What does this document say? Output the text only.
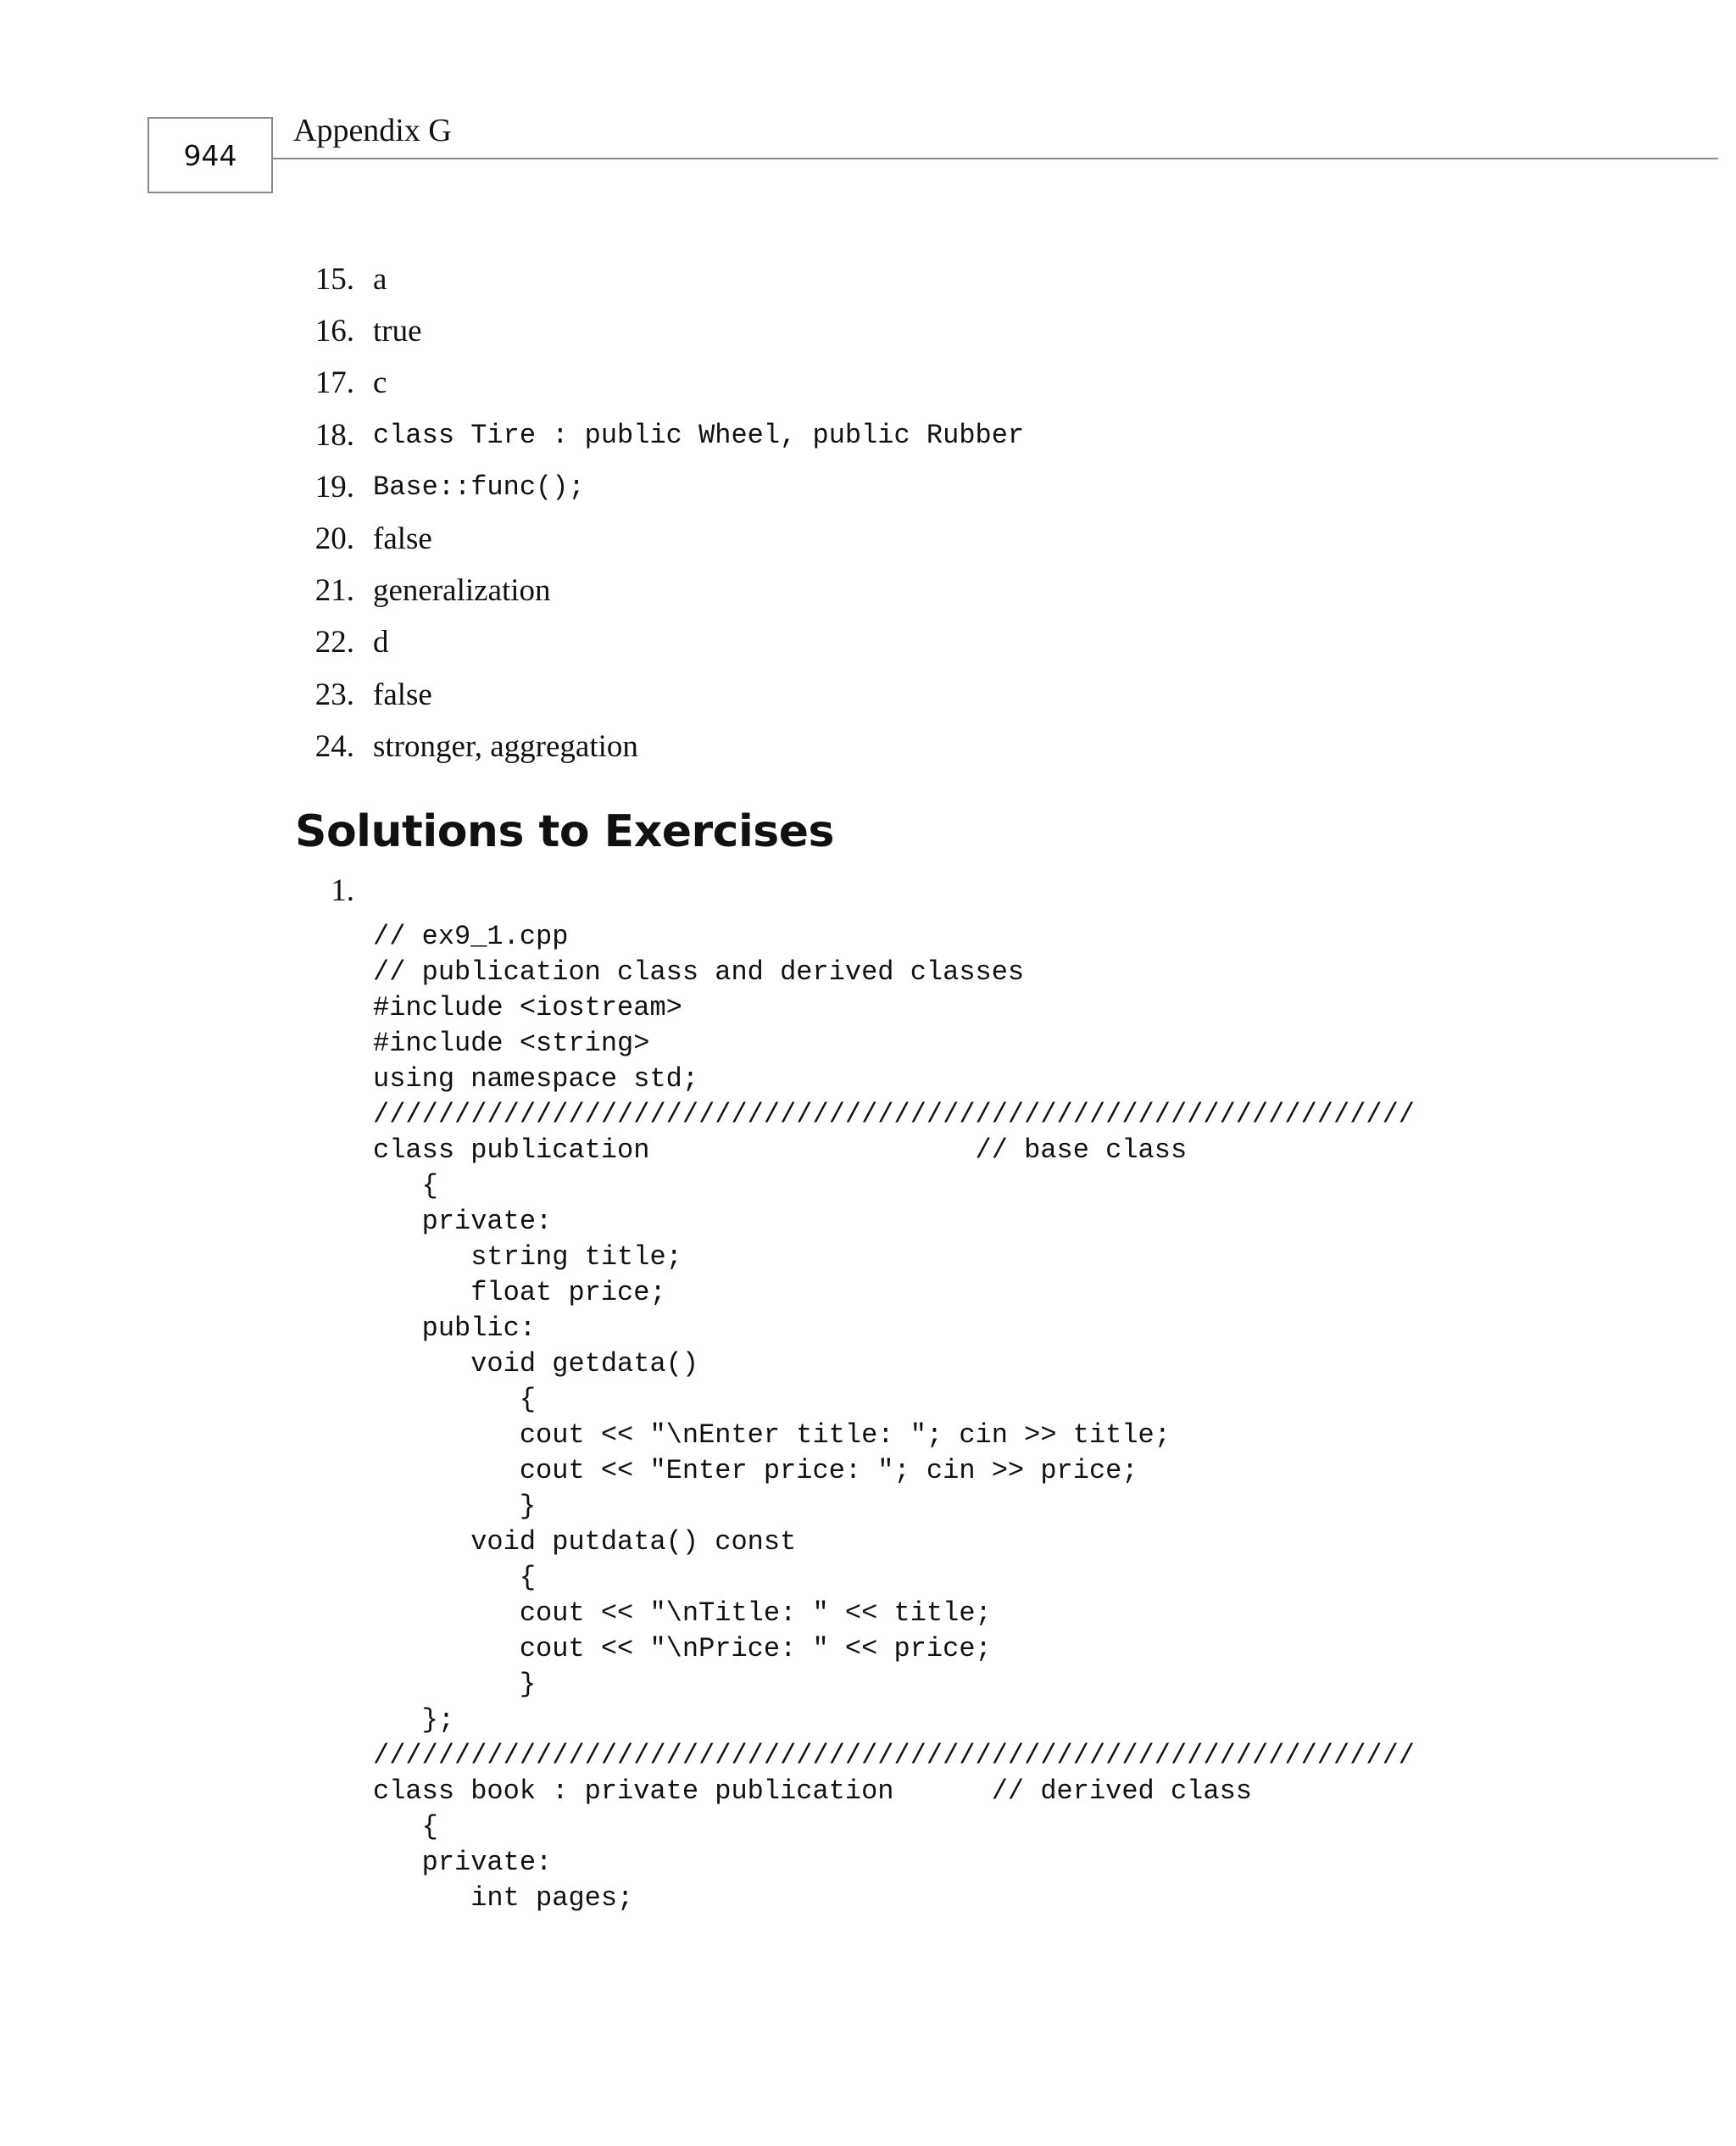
944
Appendix G
15. a
16. true
17. c
18. class Tire : public Wheel, public Rubber
19. Base::func();
20. false
21. generalization
22. d
23. false
24. stronger, aggregation
Solutions to Exercises
1.
// ex9_1.cpp
// publication class and derived classes
#include <iostream>
#include <string>
using namespace std;
////////////////////////////////////////////////////////////////
class publication                    // base class
{
private:
string title;
float price;
public:
void getdata()
{
cout << "\nEnter title: "; cin >> title;
cout << "Enter price: "; cin >> price;
}
void putdata() const
{
cout << "\nTitle: " << title;
cout << "\nPrice: " << price;
}
};
////////////////////////////////////////////////////////////////
class book : private publication      // derived class
{
private:
int pages;
